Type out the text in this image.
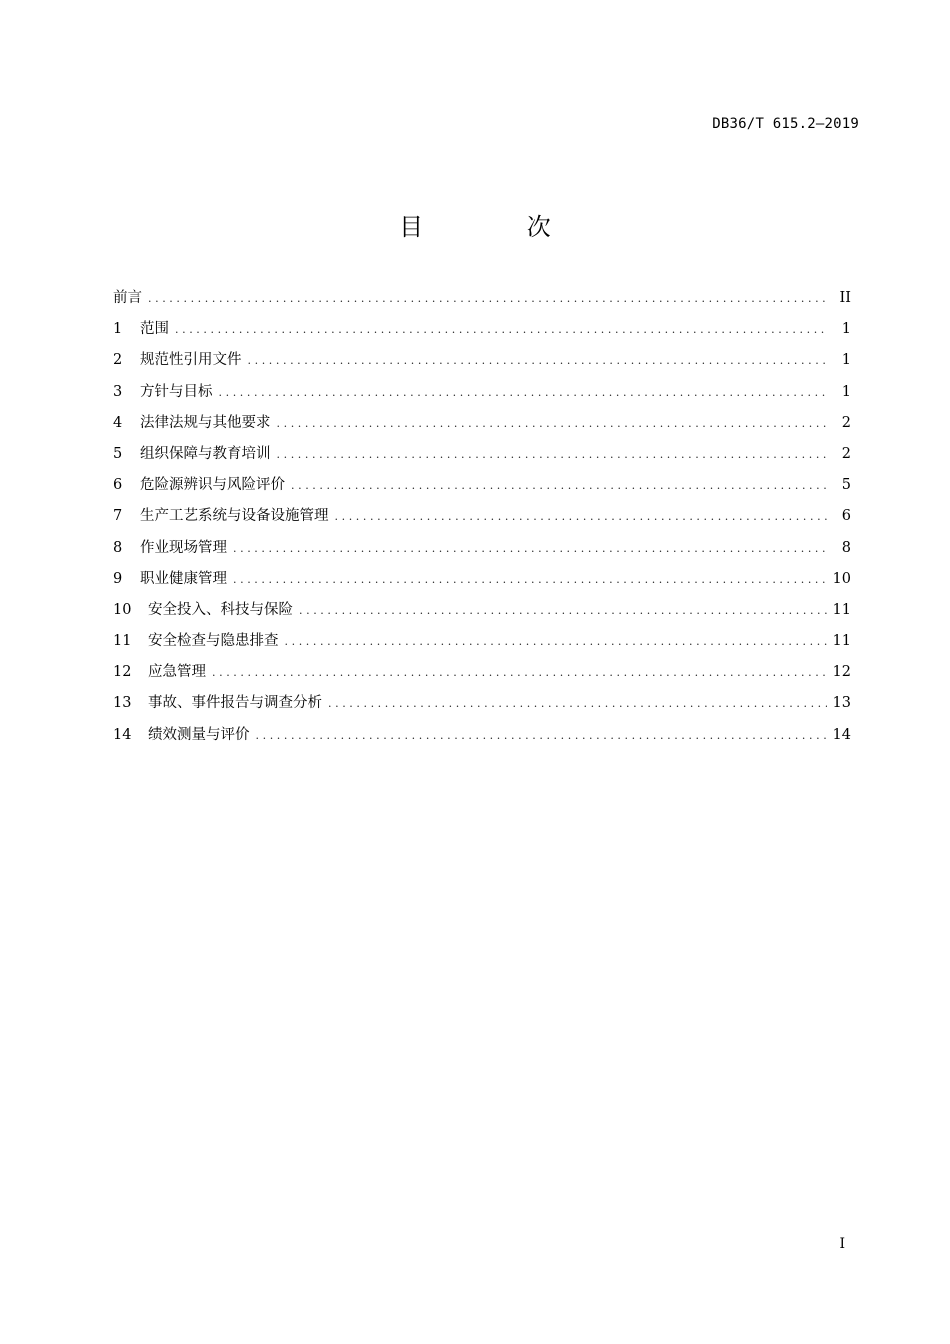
DB36/T 615.2—2019
目 次
前言 .....	II
1	范围 .....	1
2	规范性引用文件 .....	1
3	方针与目标 .....	1
4	法律法规与其他要求 .....	2
5	组织保障与教育培训 .....	2
6	危险源辨识与风险评价 .....	5
7	生产工艺系统与设备设施管理 .....	6
8	作业现场管理 .....	8
9	职业健康管理 .....	10
10	安全投入、科技与保险 .....	11
11	安全检查与隐患排查 .....	11
12	应急管理 .....	12
13	事故、事件报告与调查分析 .....	13
14	绩效测量与评价 .....	14
I
